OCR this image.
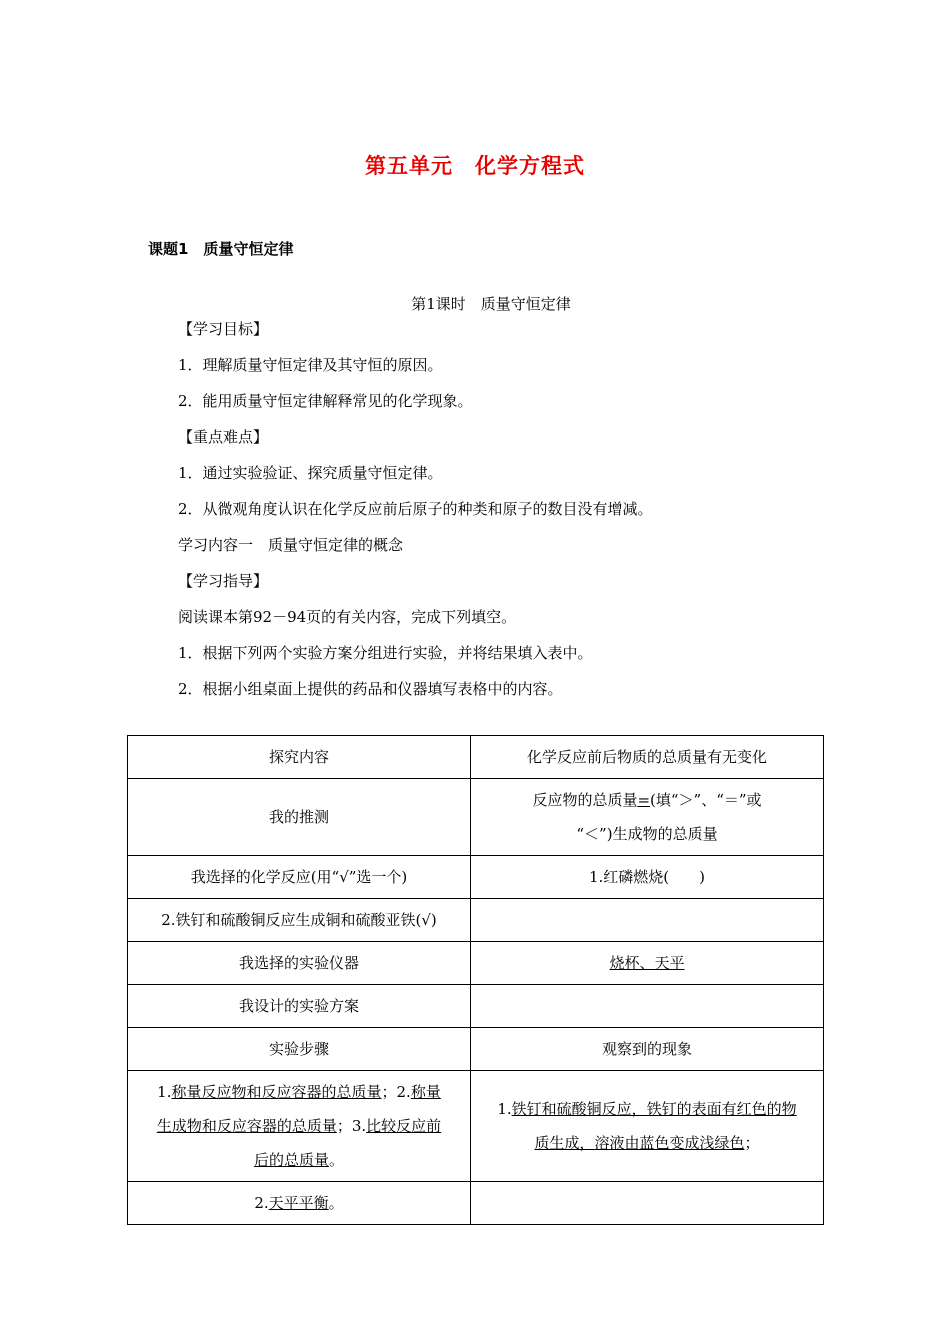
第五单元　化学方程式
课题1　质量守恒定律
第1课时　质量守恒定律
【学习目标】
1．理解质量守恒定律及其守恒的原因。
2．能用质量守恒定律解释常见的化学现象。
【重点难点】
1．通过实验验证、探究质量守恒定律。
2．从微观角度认识在化学反应前后原子的种类和原子的数目没有增减。
学习内容一　质量守恒定律的概念
【学习指导】
阅读课本第92－94页的有关内容，完成下列填空。
1．根据下列两个实验方案分组进行实验，并将结果填入表中。
2．根据小组桌面上提供的药品和仪器填写表格中的内容。
探究内容	化学反应前后物质的总质量有无变化
我的推测	反应物的总质量=(填“＞”、“＝”或
“＜”)生成物的总质量
我选择的化学反应(用“√”选一个)	1.红磷燃烧(　　)
2.铁钉和硫酸铜反应生成铜和硫酸亚铁(√)	
我选择的实验仪器	烧杯、天平
我设计的实验方案	
实验步骤	观察到的现象
1.称量反应物和反应容器的总质量；2.称量
生成物和反应容器的总质量；3.比较反应前
后的总质量。	1.铁钉和硫酸铜反应，铁钉的表面有红色的物
质生成，溶液由蓝色变成浅绿色；
2.天平平衡。	
